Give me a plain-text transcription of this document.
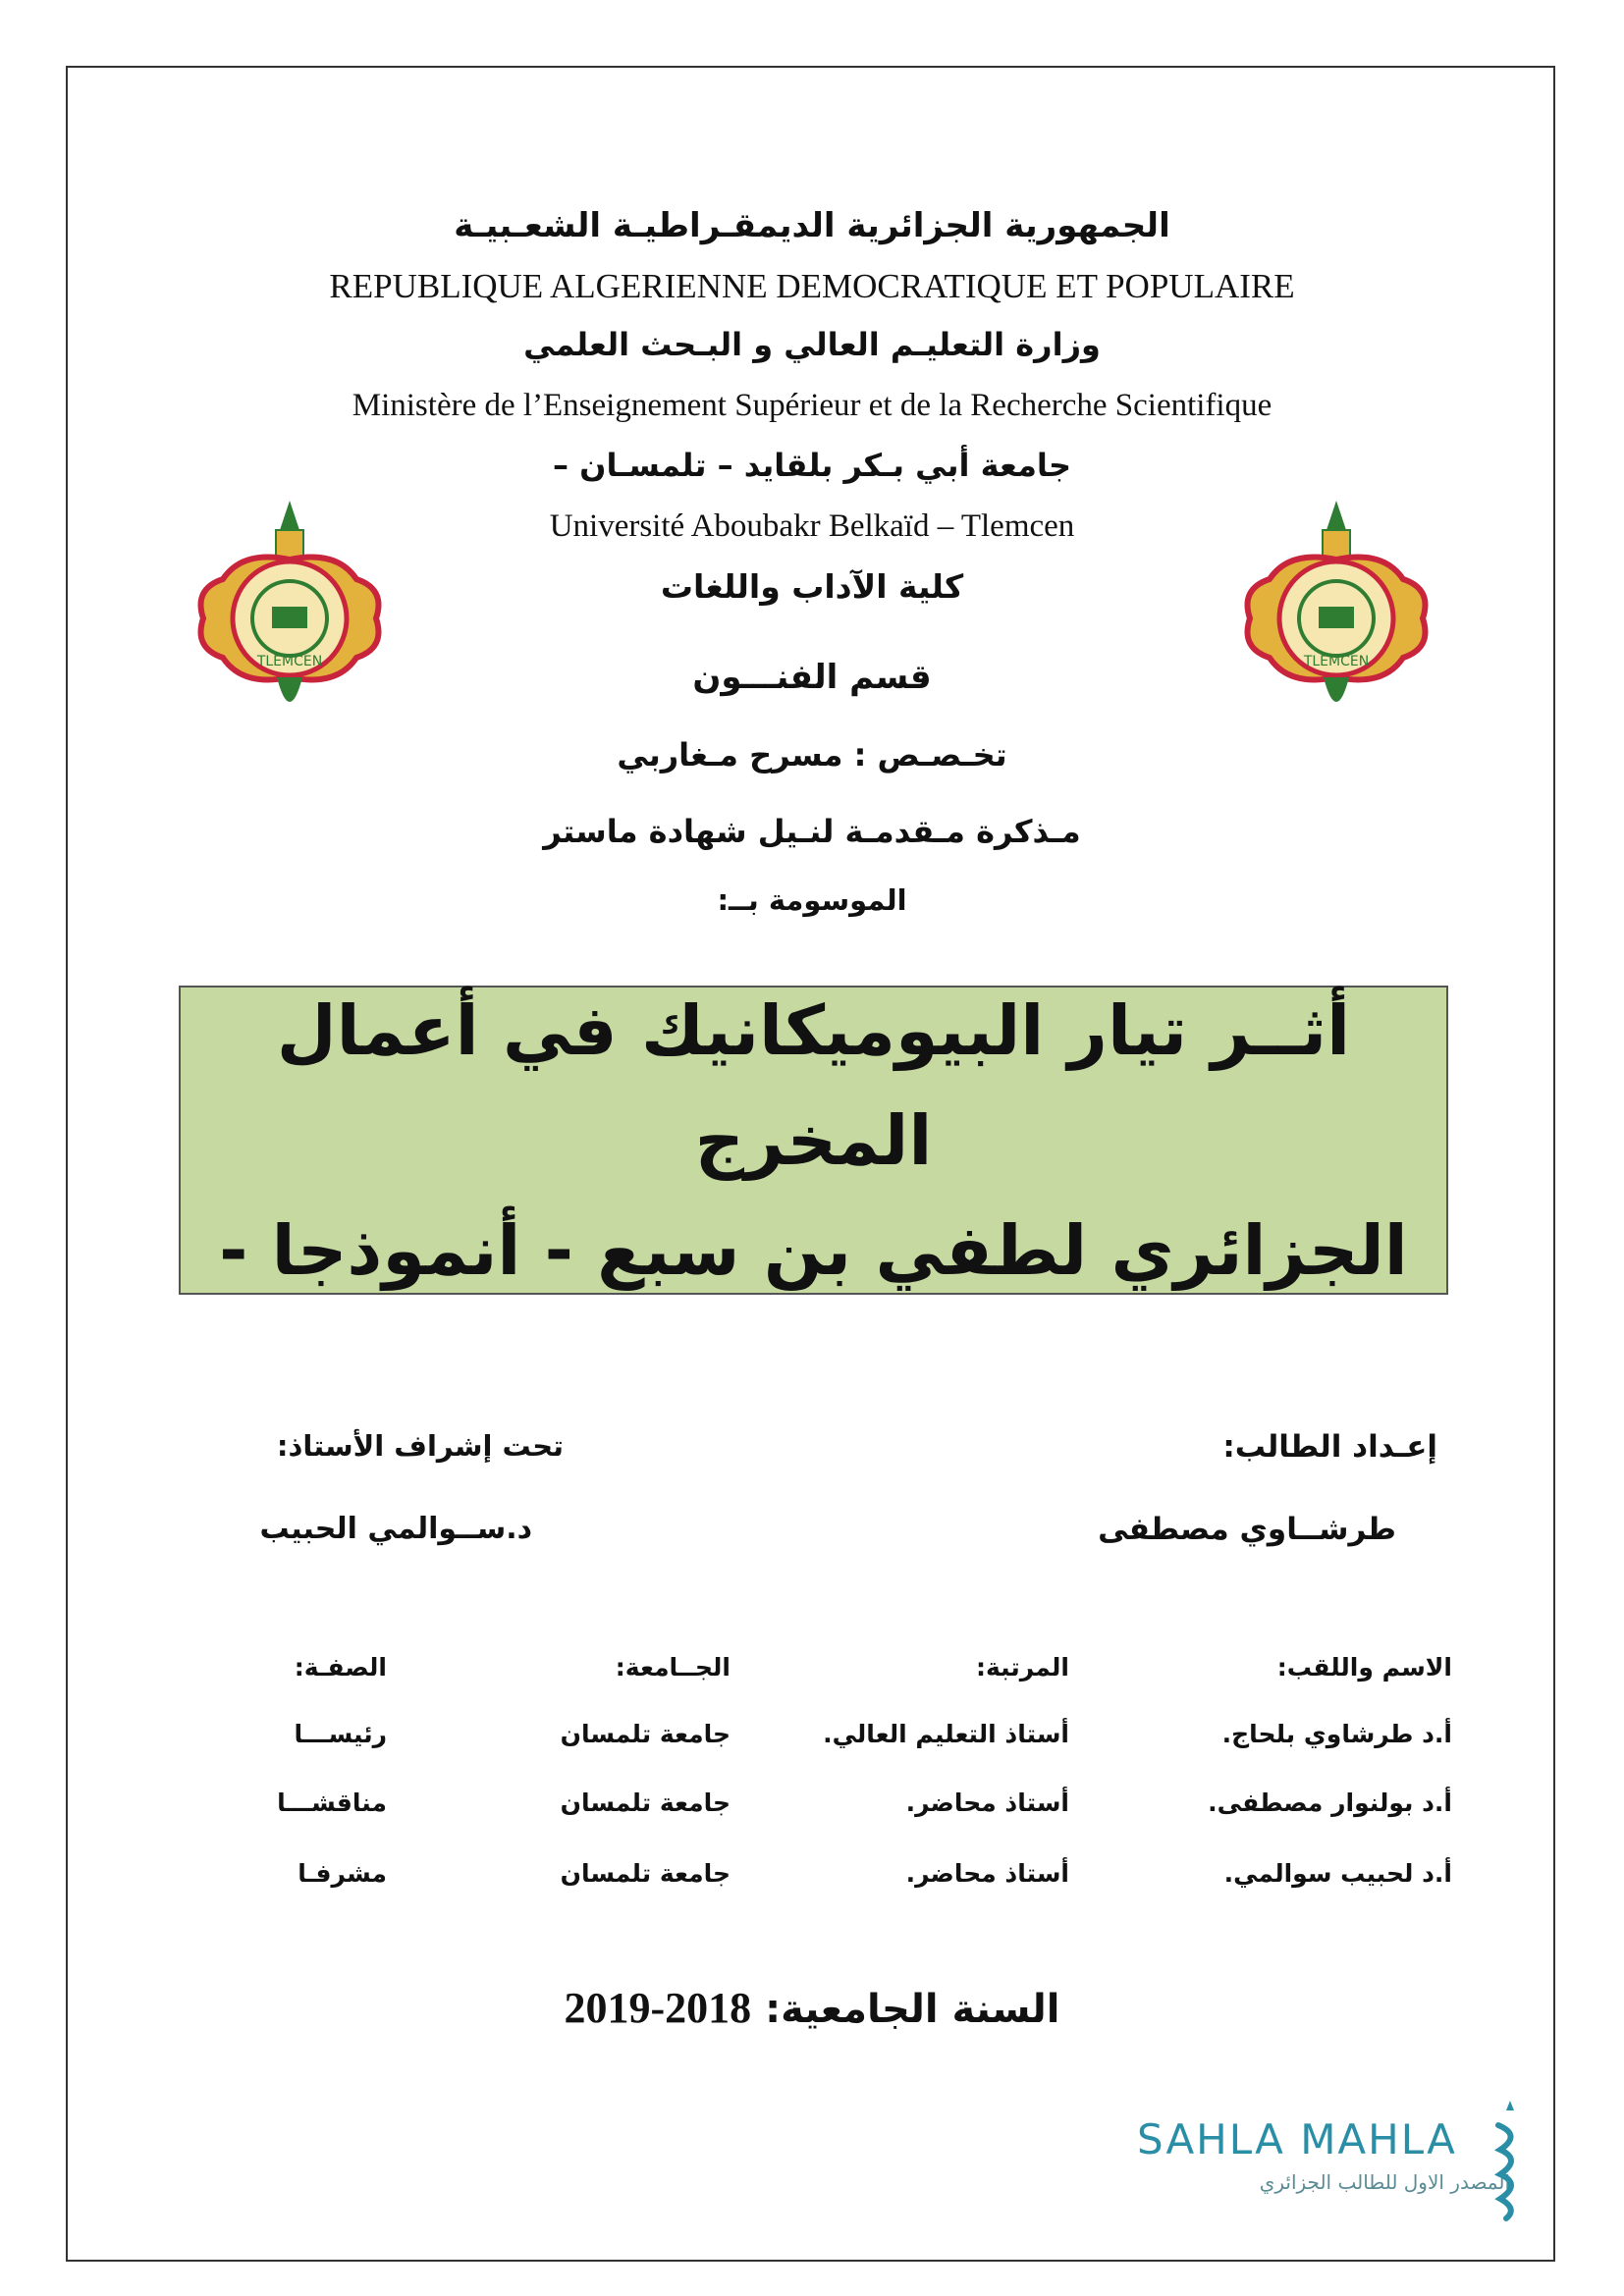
الجمهورية الجزائرية الديمقـراطيـة الشعـبيـة
REPUBLIQUE ALGERIENNE DEMOCRATIQUE ET POPULAIRE
وزارة التعليـم العالي و البـحث العلمي
Ministère de l’Enseignement Supérieur et de la Recherche Scientifique
جامعة أبي بـكر بلقايد – تلمسـان –
Université Aboubakr Belkaïd – Tlemcen
كلية الآداب واللغات
قسم الفنـــون
تخـصـص : مسرح مـغاربي
مـذكرة مـقدمـة لنـيل شهادة ماستر
الموسومة بــ:
TLEMCEN	TLEMCEN
أثــر تيار البيوميكانيك في أعمال المخرج
الجزائري لطفي بن سبع - أنموذجا -
إعـداد الطالب:
طرشــاوي مصطفى
تحت إشراف الأستاذ:
د.ســوالمي الحبيب
الاسم واللقب:
المرتبة:
الجــامعة:
الصفـة:
أ.د طرشاوي بلحاج.
أستاذ التعليم العالي.
جامعة تلمسان
رئيســـا
أ.د بولنوار مصطفى.
أستاذ محاضر.
جامعة تلمسان
مناقشـــا
أ.د لحبيب سوالمي.
أستاذ محاضر.
جامعة تلمسان
مشرفـا
السنة الجامعية: 2018-2019
SAHLA MAHLA
المصدر الاول للطالب الجزائري
